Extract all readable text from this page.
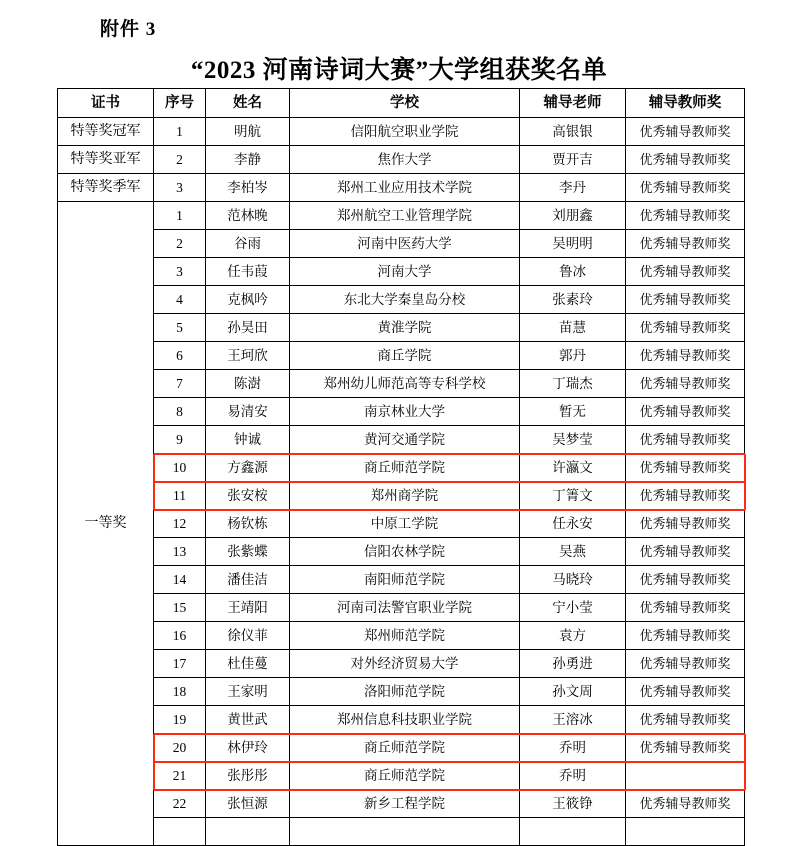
附件 3
“2023 河南诗词大赛”大学组获奖名单
证书	序号	姓名	学校	辅导老师	辅导教师奖
特等奖冠军	1	明航	信阳航空职业学院	高银银	优秀辅导教师奖
特等奖亚军	2	李静	焦作大学	贾开吉	优秀辅导教师奖
特等奖季军	3	李柏岑	郑州工业应用技术学院	李丹	优秀辅导教师奖
一等奖	1	范林晚	郑州航空工业管理学院	刘朋鑫	优秀辅导教师奖
	2	谷雨	河南中医药大学	吴明明	优秀辅导教师奖
	3	任韦葭	河南大学	鲁冰	优秀辅导教师奖
	4	克枫吟	东北大学秦皇岛分校	张素玲	优秀辅导教师奖
	5	孙昊田	黄淮学院	苗慧	优秀辅导教师奖
	6	王珂欣	商丘学院	郭丹	优秀辅导教师奖
	7	陈澍	郑州幼儿师范高等专科学校	丁瑞杰	优秀辅导教师奖
	8	易清安	南京林业大学	暂无	优秀辅导教师奖
	9	钟诚	黄河交通学院	吴梦莹	优秀辅导教师奖
	10	方鑫源	商丘师范学院	许瀛文	优秀辅导教师奖
	11	张安桉	郑州商学院	丁箐文	优秀辅导教师奖
	12	杨钦栋	中原工学院	任永安	优秀辅导教师奖
	13	张紫蝶	信阳农林学院	吴燕	优秀辅导教师奖
	14	潘佳洁	南阳师范学院	马晓玲	优秀辅导教师奖
	15	王靖阳	河南司法警官职业学院	宁小莹	优秀辅导教师奖
	16	徐仪菲	郑州师范学院	袁方	优秀辅导教师奖
	17	杜佳蔓	对外经济贸易大学	孙勇进	优秀辅导教师奖
	18	王家明	洛阳师范学院	孙文周	优秀辅导教师奖
	19	黄世武	郑州信息科技职业学院	王溶冰	优秀辅导教师奖
	20	林伊玲	商丘师范学院	乔明	优秀辅导教师奖
	21	张彤彤	商丘师范学院	乔明	
	22	张恒源	新乡工程学院	王筱铮	优秀辅导教师奖
